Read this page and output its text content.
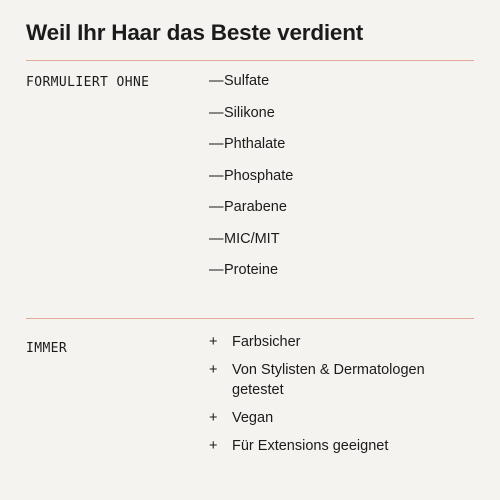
Weil Ihr Haar das Beste verdient
FORMULIERT OHNE	—Sulfate
—Silikone
—Phthalate
—Phosphate
—Parabene
—MIC/MIT
—Proteine
IMMER	+	Farbsicher
+	Von Stylisten & Dermatologen getestet
+	Vegan
+	Für Extensions geeignet
